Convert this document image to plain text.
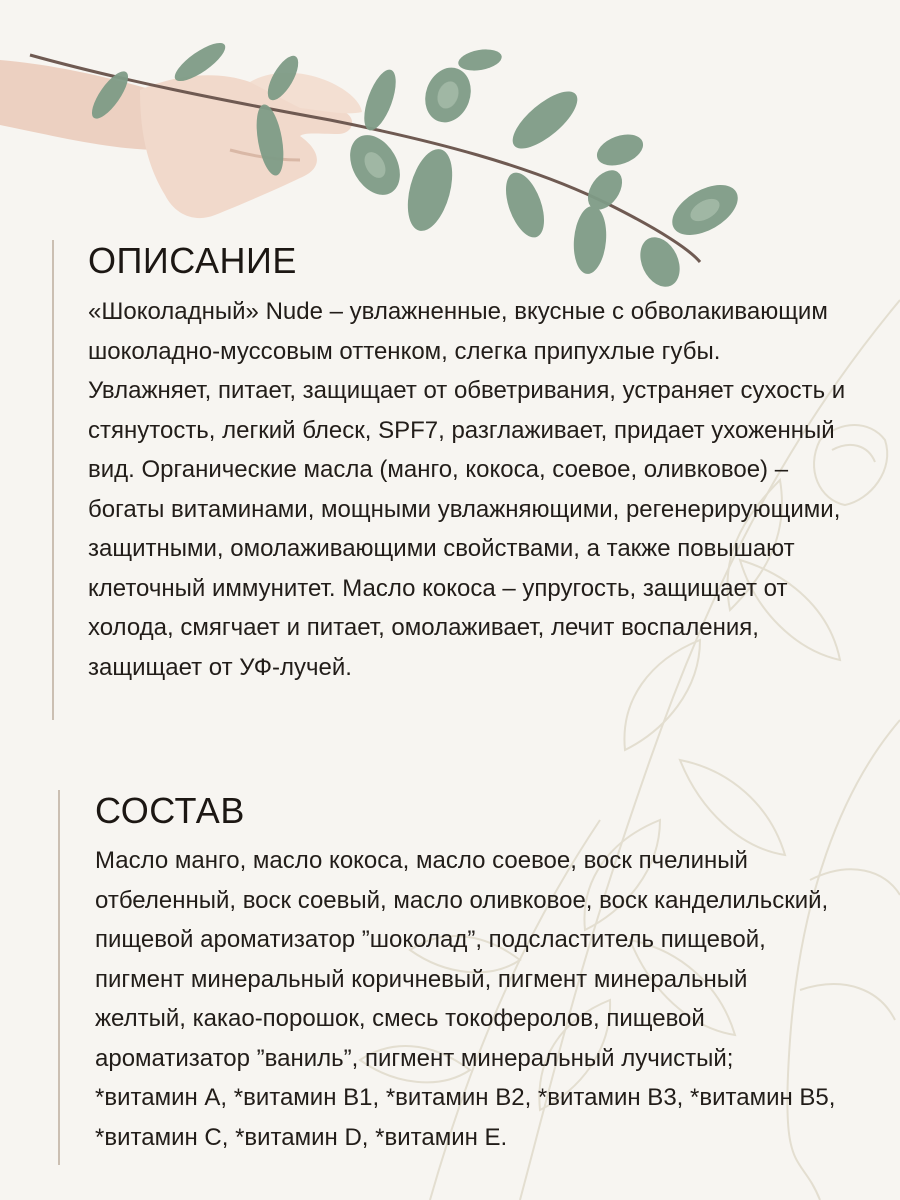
ОПИСАНИЕ

«Шоколадный» Nude – увлажненные, вкусные с обволакивающим шоколадно-муссовым оттенком, слегка припухлые губы. Увлажняет, питает, защищает от обветривания, устраняет сухость и стянутость, легкий блеск, SPF7, разглаживает, придает ухоженный вид. Органические масла (манго, кокоса, соевое, оливковое) – богаты витаминами, мощными увлажняющими, регенерирующими, защитными, омолаживающими свойствами, а также повышают клеточный иммунитет. Масло кокоса – упругость, защищает от холода, смягчает и питает, омолаживает, лечит воспаления, защищает от УФ-лучей.

СОСТАВ

Масло манго, масло кокоса, масло соевое, воск пчелиный отбеленный, воск соевый, масло оливковое, воск канделильский, пищевой ароматизатор ”шоколад”, подсластитель пищевой, пигмент минеральный коричневый, пигмент минеральный желтый, какао-порошок, смесь токоферолов, пищевой ароматизатор ”ваниль”, пигмент минеральный лучистый; *витамин A, *витамин B1, *витамин B2, *витамин B3, *витамин B5, *витамин C, *витамин D, *витамин E.
